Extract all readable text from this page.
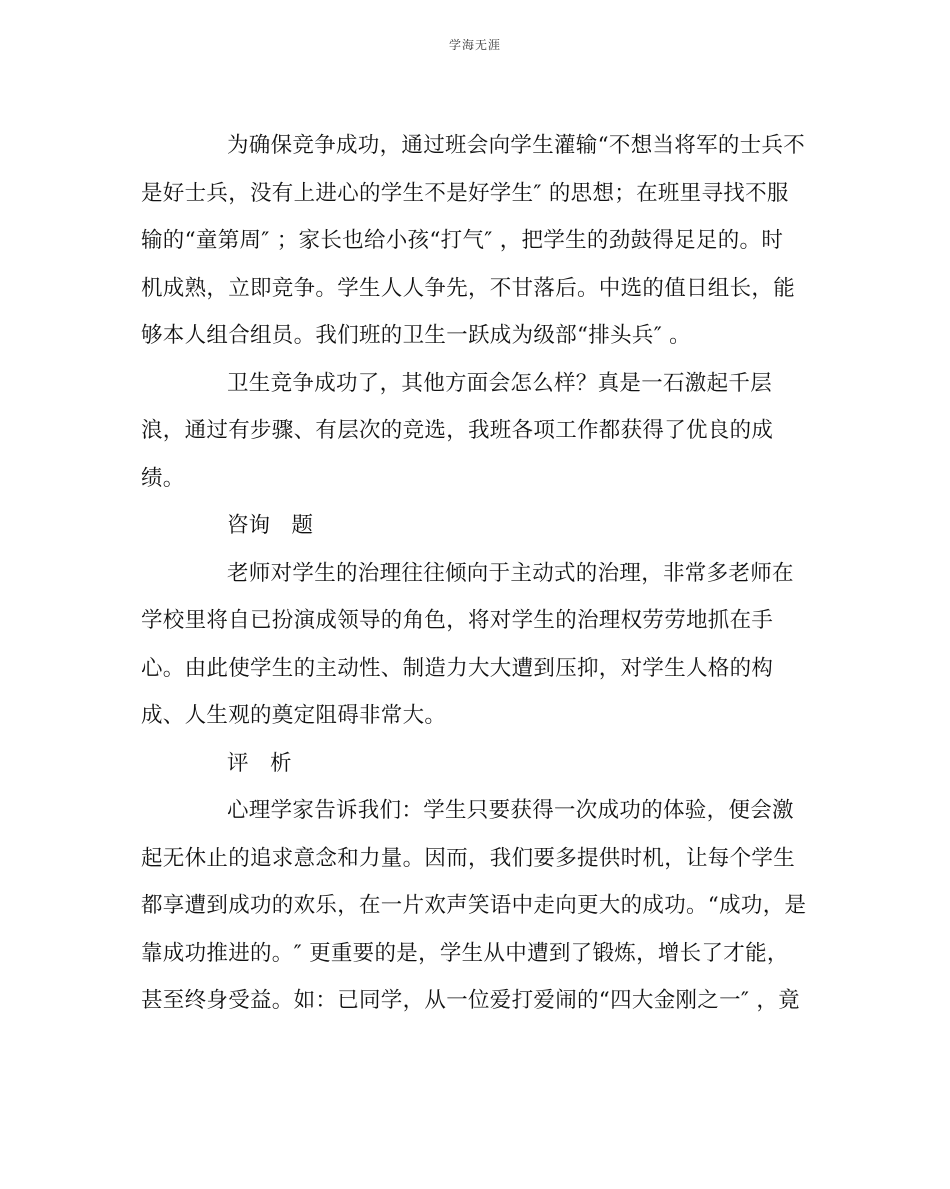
学海无涯
为确保竞争成功，通过班会向学生灌输“不想当将军的士兵不
是好士兵，没有上进心的学生不是好学生″ 的思想；在班里寻找不服
输的“童第周″ ；家长也给小孩“打气″ ，把学生的劲鼓得足足的。时
机成熟，立即竞争。学生人人争先，不甘落后。中选的值日组长，能
够本人组合组员。我们班的卫生一跃成为级部“排头兵″ 。
卫生竞争成功了，其他方面会怎么样？真是一石激起千层
浪，通过有步骤、有层次的竞选，我班各项工作都获得了优良的成
绩。
咨询　题
老师对学生的治理往往倾向于主动式的治理，非常多老师在
学校里将自已扮演成领导的角色，将对学生的治理权劳劳地抓在手
心。由此使学生的主动性、制造力大大遭到压抑，对学生人格的构
成、人生观的奠定阻碍非常大。
评　析
心理学家告诉我们：学生只要获得一次成功的体验，便会激
起无休止的追求意念和力量。因而，我们要多提供时机，让每个学生
都享遭到成功的欢乐，在一片欢声笑语中走向更大的成功。“成功，是
靠成功推进的。″ 更重要的是，学生从中遭到了锻炼，增长了才能，
甚至终身受益。如：已同学，从一位爱打爱闹的“四大金刚之一″ ，竟
